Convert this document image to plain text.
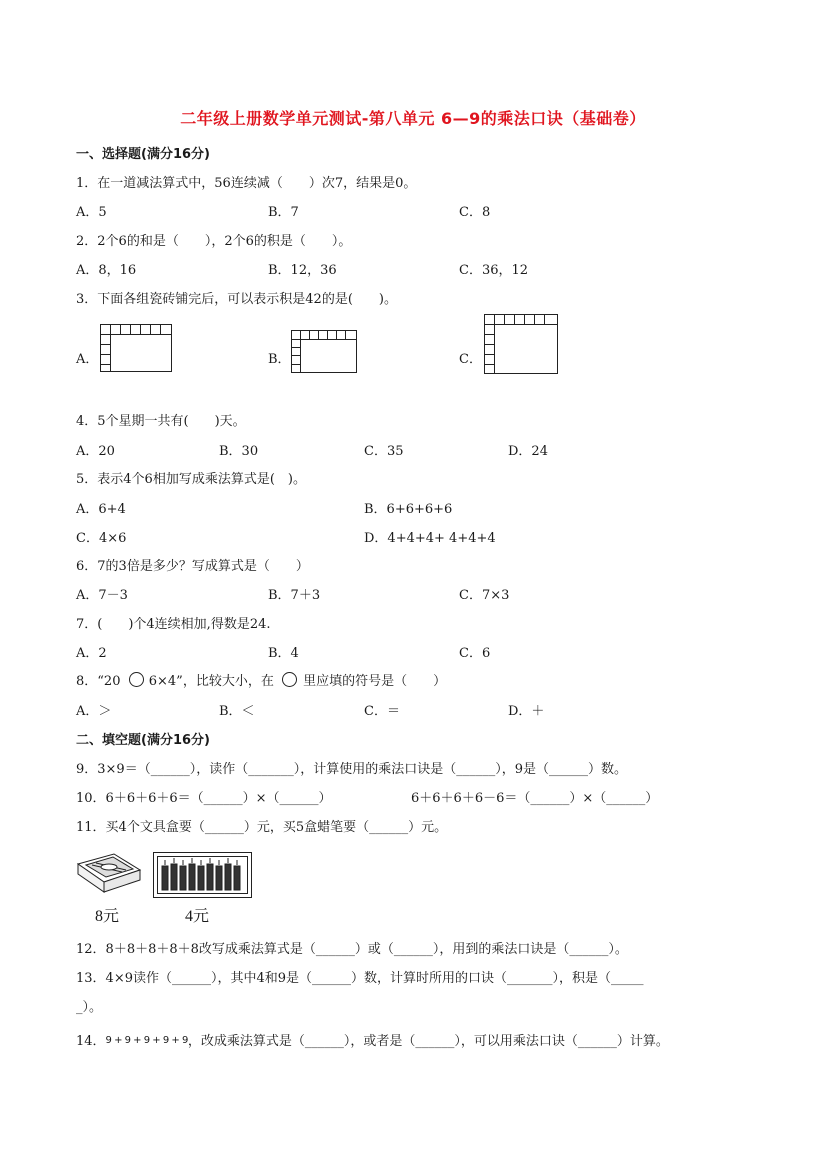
二年级上册数学单元测试-第八单元 6—9的乘法口诀（基础卷）
一、选择题(满分16分)
1．在一道减法算式中，56连续减（　　）次7，结果是0。
A．5	B．7	C．8
2．2个6的和是（　　），2个6的积是（　　）。
A．8，16	B．12，36	C．36，12
3．下面各组瓷砖铺完后，可以表示积是42的是(　　)。
A．	B．	C．
4．5个星期一共有(　　)天。
A．20	B．30	C．35	D．24
5．表示4个6相加写成乘法算式是(　)。
A．6+4	B．6+6+6+6
C．4×6	D．4+4+4+ 4+4+4
6．7的3倍是多少？写成算式是（　　）
A．7－3	B．7＋3	C．7×3
7．(　　)个4连续相加,得数是24.
A．2	B．4	C．6
8．“20 6×4”，比较大小，在 里应填的符号是（　　）
A．＞	B．＜	C．＝	D．＋
二、填空题(满分16分)
9．3×9＝（______），读作（_______），计算使用的乘法口诀是（______），9是（______）数。
10．6＋6＋6＋6＝（______）×（______）	6＋6＋6＋6－6＝（______）×（______）
11．买4个文具盒要（______）元，买5盒蜡笔要（______）元。
8元	4元
12．8＋8＋8＋8＋8改写成乘法算式是（______）或（______），用到的乘法口诀是（______）。
13．4×9读作（______），其中4和9是（______）数，计算时所用的口诀（_______），积是（_____
_）。
14．9 + 9 + 9 + 9 + 9，改成乘法算式是（______），或者是（______），可以用乘法口诀（______）计算。
